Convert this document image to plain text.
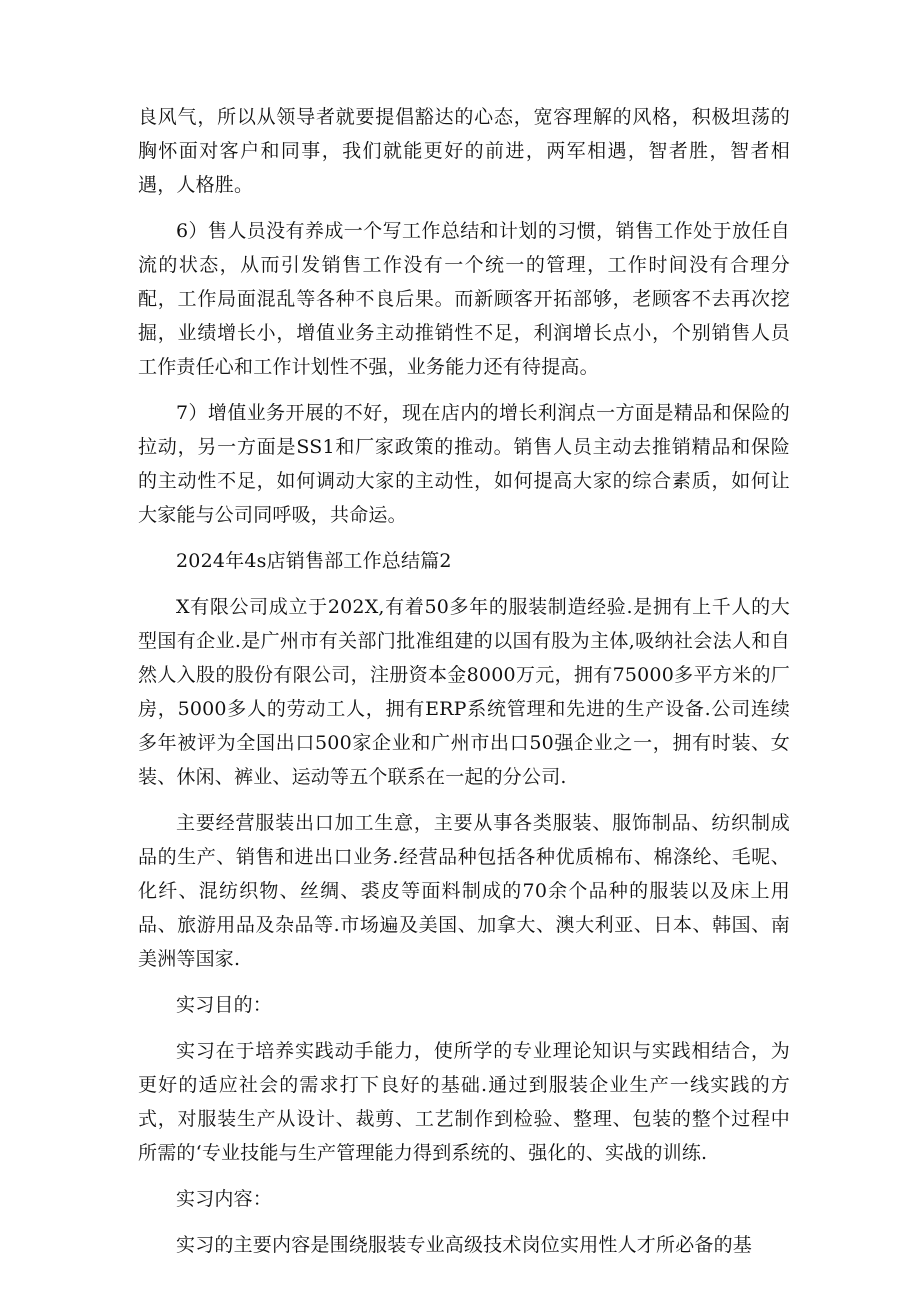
良风气，所以从领导者就要提倡豁达的心态，宽容理解的风格，积极坦荡的胸怀面对客户和同事，我们就能更好的前进，两军相遇，智者胜，智者相遇，人格胜。

6）售人员没有养成一个写工作总结和计划的习惯，销售工作处于放任自流的状态，从而引发销售工作没有一个统一的管理，工作时间没有合理分配，工作局面混乱等各种不良后果。而新顾客开拓部够，老顾客不去再次挖掘，业绩增长小，增值业务主动推销性不足，利润增长点小，个别销售人员工作责任心和工作计划性不强，业务能力还有待提高。

7）增值业务开展的不好，现在店内的增长利润点一方面是精品和保险的拉动，另一方面是SS1和厂家政策的推动。销售人员主动去推销精品和保险的主动性不足，如何调动大家的主动性，如何提高大家的综合素质，如何让大家能与公司同呼吸，共命运。

2024年4s店销售部工作总结篇2

X有限公司成立于202X,有着50多年的服装制造经验.是拥有上千人的大型国有企业.是广州市有关部门批准组建的以国有股为主体,吸纳社会法人和自然人入股的股份有限公司，注册资本金8000万元，拥有75000多平方米的厂房，5000多人的劳动工人，拥有ERP系统管理和先进的生产设备.公司连续多年被评为全国出口500家企业和广州市出口50强企业之一，拥有时装、女装、休闲、裤业、运动等五个联系在一起的分公司.

主要经营服装出口加工生意，主要从事各类服装、服饰制品、纺织制成品的生产、销售和进出口业务.经营品种包括各种优质棉布、棉涤纶、毛呢、化纤、混纺织物、丝绸、裘皮等面料制成的70余个品种的服装以及床上用品、旅游用品及杂品等.市场遍及美国、加拿大、澳大利亚、日本、韩国、南美洲等国家.

实习目的：

实习在于培养实践动手能力，使所学的专业理论知识与实践相结合，为更好的适应社会的需求打下良好的基础.通过到服装企业生产一线实践的方式，对服装生产从设计、裁剪、工艺制作到检验、整理、包装的整个过程中所需的‘专业技能与生产管理能力得到系统的、强化的、实战的训练.

实习内容：

实习的主要内容是围绕服装专业高级技术岗位实用性人才所必备的基
